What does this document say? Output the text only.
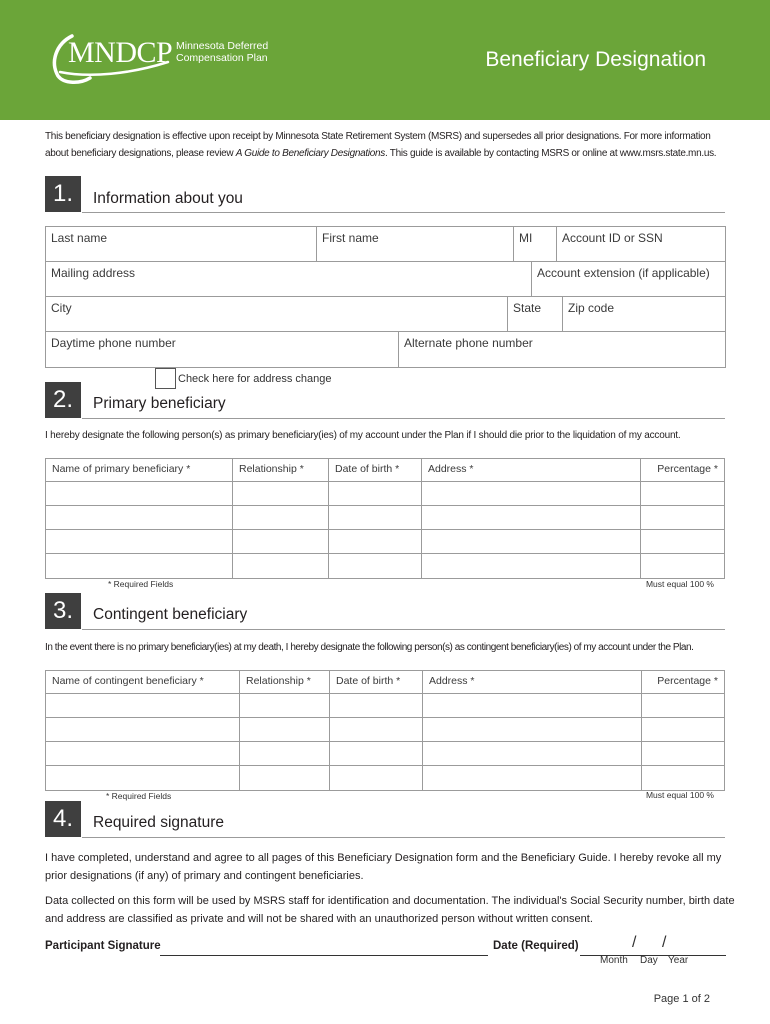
MNDCP Minnesota Deferred
Compensation Plan	Beneficiary Designation
This beneficiary designation is effective upon receipt by Minnesota State Retirement System (MSRS) and supersedes all prior designations. For more information
about beneficiary designations, please review A Guide to Beneficiary Designations. This guide is available by contacting MSRS or online at www.msrs.state.mn.us.
1.	Information about you
Last name	First name	MI	Account ID or SSN
Mailing address	Account extension (if applicable)
City	State	Zip code
Daytime phone number	Alternate phone number
Check here for address change
2.	Primary beneficiary
I hereby designate the following person(s) as primary beneficiary(ies) of my account under the Plan if I should die prior to the liquidation of my account.
Name of primary beneficiary *	Relationship *	Date of birth *	Address *	Percentage *
* Required Fields	Must equal 100 %
3.	Contingent beneficiary
In the event there is no primary beneficiary(ies) at my death, I hereby designate the following person(s) as contingent beneficiary(ies) of my account under the Plan.
Name of contingent beneficiary *	Relationship *	Date of birth *	Address *	Percentage *
* Required Fields	Must equal 100 %
4.	Required signature
I have completed, understand and agree to all pages of this Beneficiary Designation form and the Beneficiary Guide. I hereby revoke all my prior designations (if any) of primary and contingent beneficiaries.
Data collected on this form will be used by MSRS staff for identification and documentation. The individual's Social Security number, birth date and address are classified as private and will not be shared with an unauthorized person without written consent.
Participant Signature	Date (Required)	/ /
Month Day Year
Page 1 of 2
